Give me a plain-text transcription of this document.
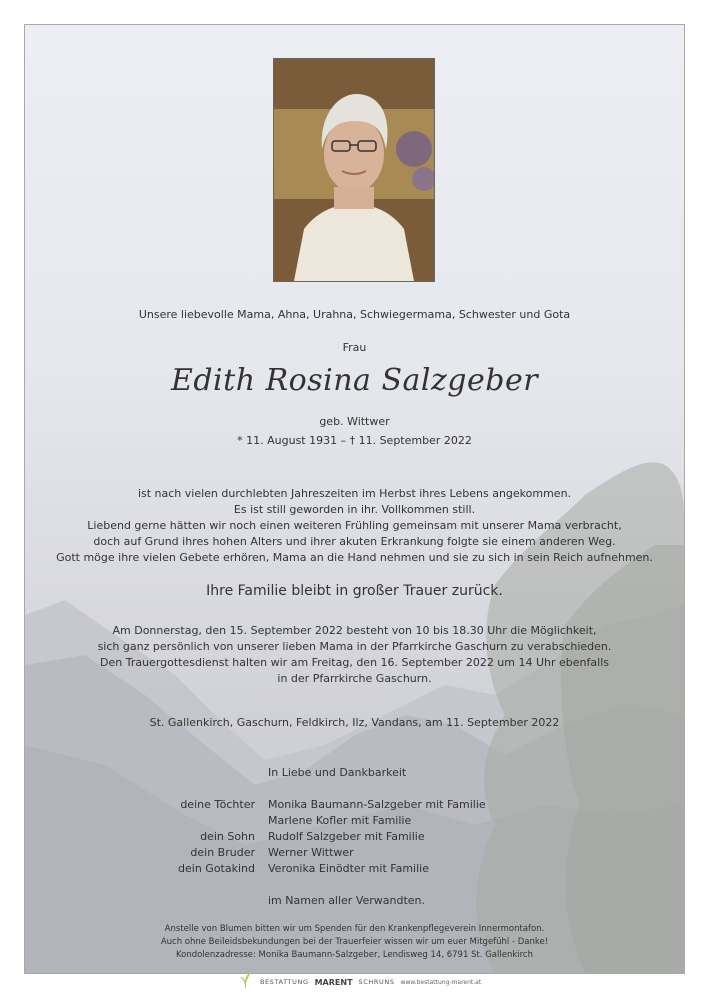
Unsere liebevolle Mama, Ahna, Urahna, Schwiegermama, Schwester und Gota
Frau
Edith Rosina Salzgeber
geb. Wittwer
* 11. August 1931 – † 11. September 2022
ist nach vielen durchlebten Jahreszeiten im Herbst ihres Lebens angekommen.
Es ist still geworden in ihr. Vollkommen still.
Liebend gerne hätten wir noch einen weiteren Frühling gemeinsam mit unserer Mama verbracht,
doch auf Grund ihres hohen Alters und ihrer akuten Erkrankung folgte sie einem anderen Weg.
Gott möge ihre vielen Gebete erhören, Mama an die Hand nehmen und sie zu sich in sein Reich aufnehmen.
Ihre Familie bleibt in großer Trauer zurück.
Am Donnerstag, den 15. September 2022 besteht von 10 bis 18.30 Uhr die Möglichkeit,
sich ganz persönlich von unserer lieben Mama in der Pfarrkirche Gaschurn zu verabschieden.
Den Trauergottesdienst halten wir am Freitag, den 16. September 2022 um 14 Uhr ebenfalls
in der Pfarrkirche Gaschurn.
St. Gallenkirch, Gaschurn, Feldkirch, Ilz, Vandans, am 11. September 2022
In Liebe und Dankbarkeit
deine Töchter Monika Baumann-Salzgeber mit Familie
Marlene Kofler mit Familie
dein Sohn Rudolf Salzgeber mit Familie
dein Bruder Werner Wittwer
dein Gotakind Veronika Einödter mit Familie
im Namen aller Verwandten.
Anstelle von Blumen bitten wir um Spenden für den Krankenpflegeverein Innermontafon.
Auch ohne Beileidsbekundungen bei der Trauerfeier wissen wir um euer Mitgefühl - Danke!
Kondolenzadresse: Monika Baumann-Salzgeber, Lendisweg 14, 6791 St. Gallenkirch
BESTATTUNG MARENT SCHRUNS www.bestattung-marent.at
